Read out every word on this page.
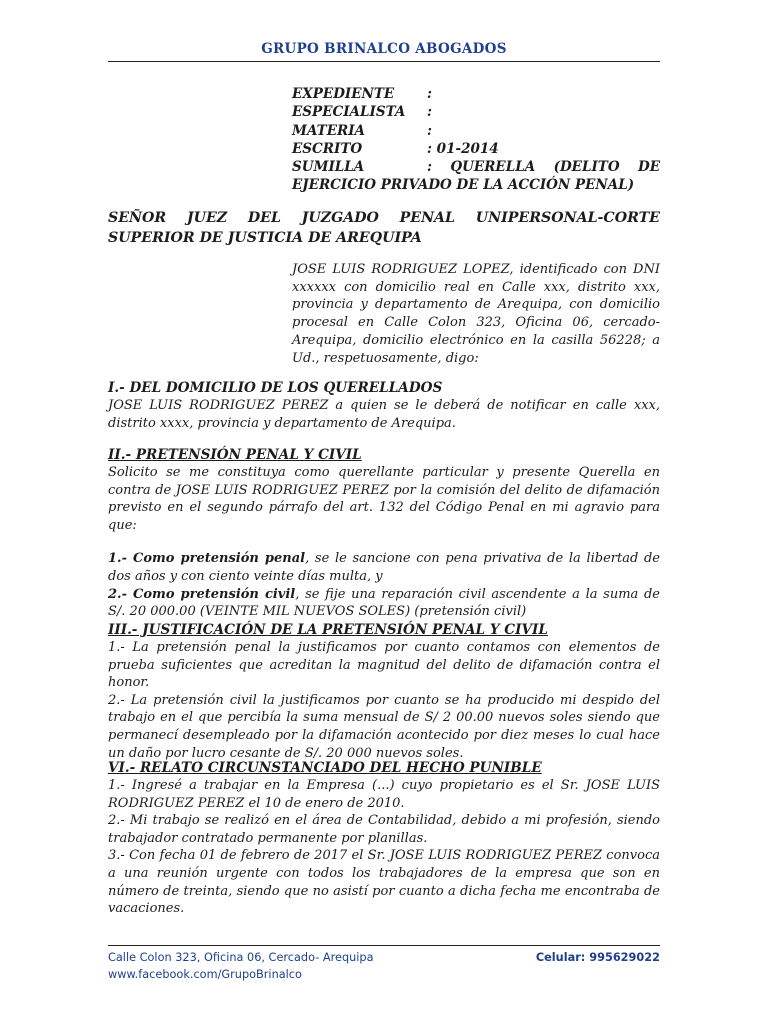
GRUPO BRINALCO ABOGADOS
EXPEDIENTE	:
ESPECIALISTA	:
MATERIA	:
ESCRITO	: 01-2014
SUMILLA	: QUERELLA (DELITO DE
EJERCICIO PRIVADO DE LA ACCIÓN PENAL)
SEÑOR JUEZ DEL JUZGADO PENAL UNIPERSONAL-CORTE SUPERIOR DE JUSTICIA DE AREQUIPA
JOSE LUIS RODRIGUEZ LOPEZ, identificado con DNI xxxxxx con domicilio real en Calle xxx, distrito xxx, provincia y departamento de Arequipa, con domicilio procesal en Calle Colon 323, Oficina 06, cercado- Arequipa, domicilio electrónico en la casilla 56228; a Ud., respetuosamente, digo:
I.- DEL DOMICILIO DE LOS QUERELLADOS
JOSE LUIS RODRIGUEZ PEREZ a quien se le deberá de notificar en calle xxx, distrito xxxx, provincia y departamento de Arequipa.
II.- PRETENSIÓN PENAL Y CIVIL
Solicito se me constituya como querellante particular y presente Querella en contra de JOSE LUIS RODRIGUEZ PEREZ por la comisión del delito de difamación previsto en el segundo párrafo del art. 132 del Código Penal en mi agravio para que:
1.- Como pretensión penal, se le sancione con pena privativa de la libertad de dos años y con ciento veinte días multa, y
2.- Como pretensión civil, se fije una reparación civil ascendente a la suma de S/. 20 000.00 (VEINTE MIL NUEVOS SOLES) (pretensión civil)
III.- JUSTIFICACIÓN DE LA PRETENSIÓN PENAL Y CIVIL
1.- La pretensión penal la justificamos por cuanto contamos con elementos de prueba suficientes que acreditan la magnitud del delito de difamación contra el honor.
2.- La pretensión civil la justificamos por cuanto se ha producido mi despido del trabajo en el que percibía la suma mensual de S/ 2 00.00 nuevos soles siendo que permanecí desempleado por la difamación acontecido por diez meses lo cual hace un daño por lucro cesante de S/. 20 000 nuevos soles.
VI.- RELATO CIRCUNSTANCIADO DEL HECHO PUNIBLE
1.- Ingresé a trabajar en la Empresa (...) cuyo propietario es el Sr. JOSE LUIS RODRIGUEZ PEREZ el 10 de enero de 2010.
2.- Mi trabajo se realizó en el área de Contabilidad, debido a mi profesión, siendo trabajador contratado permanente por planillas.
3.- Con fecha 01 de febrero de 2017 el Sr. JOSE LUIS RODRIGUEZ PEREZ convoca a una reunión urgente con todos los trabajadores de la empresa que son en número de treinta, siendo que no asistí por cuanto a dicha fecha me encontraba de vacaciones.
Calle Colon 323, Oficina 06, Cercado- Arequipa	Celular: 995629022
www.facebook.com/GrupoBrinalco
